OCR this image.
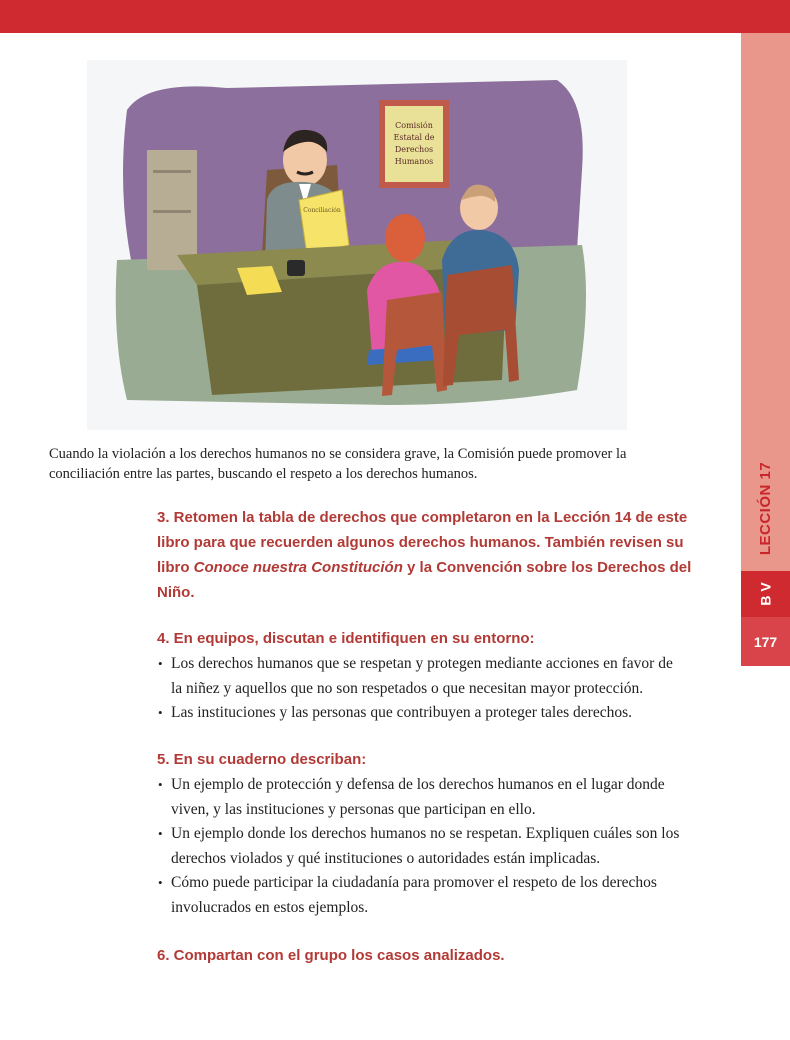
LECCIÓN 17
B V
177
Comisión
Estatal de
Derechos
Humanos
Conciliación
Cuando la violación a los derechos humanos no se considera grave, la Comisión puede promover la conciliación entre las partes, buscando el respeto a los derechos humanos.
3. Retomen la tabla de derechos que completaron en la Lección 14 de este libro para que recuerden algunos derechos humanos. También revisen su libro Conoce nuestra Constitución y la Convención sobre los Derechos del Niño.
4. En equipos, discutan e identifiquen en su entorno:
• Los derechos humanos que se respetan y protegen mediante acciones en favor de la niñez y aquellos que no son respetados o que necesitan mayor protección.
• Las instituciones y las personas que contribuyen a proteger tales derechos.
5. En su cuaderno describan:
• Un ejemplo de protección y defensa de los derechos humanos en el lugar donde viven, y las instituciones y personas que participan en ello.
• Un ejemplo donde los derechos humanos no se respetan. Expliquen cuáles son los derechos violados y qué instituciones o autoridades están implicadas.
• Cómo puede participar la ciudadanía para promover el respeto de los derechos involucrados en estos ejemplos.
6. Compartan con el grupo los casos analizados.
